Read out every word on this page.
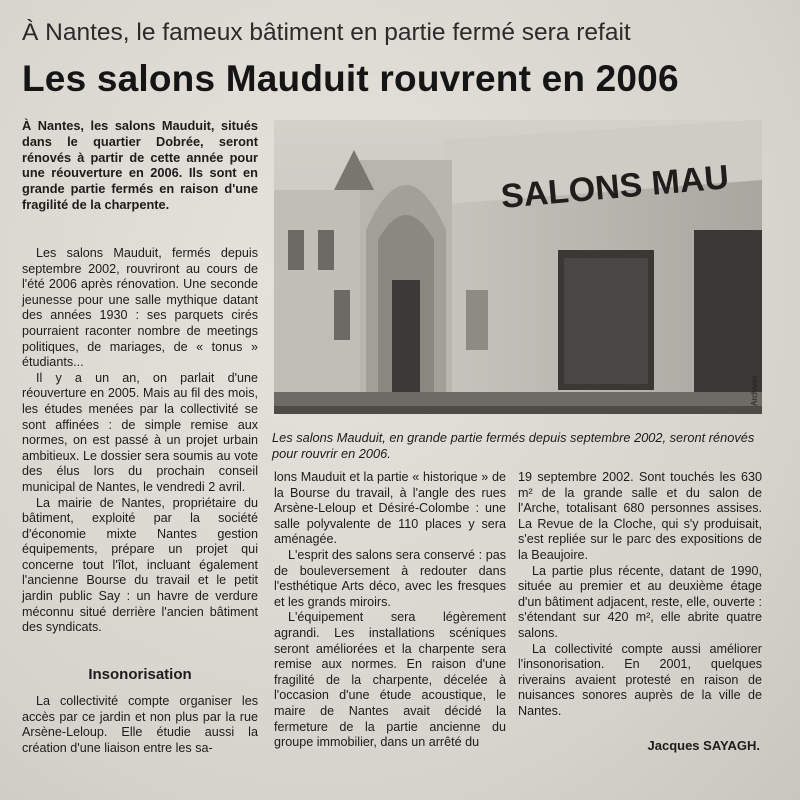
À Nantes, le fameux bâtiment en partie fermé sera refait
Les salons Mauduit rouvrent en 2006
À Nantes, les salons Mauduit, situés dans le quartier Dobrée, seront rénovés à partir de cette année pour une réouverture en 2006. Ils sont en grande partie fermés en raison d'une fragilité de la charpente.

Les salons Mauduit, fermés depuis septembre 2002, rouvriront au cours de l'été 2006 après rénovation. Une seconde jeunesse pour une salle mythique datant des années 1930 : ses parquets cirés pourraient raconter nombre de meetings politiques, de mariages, de « tonus » étudiants...

Il y a un an, on parlait d'une réouverture en 2005. Mais au fil des mois, les études menées par la collectivité se sont affinées : de simple remise aux normes, on est passé à un projet urbain ambitieux. Le dossier sera soumis au vote des élus lors du prochain conseil municipal de Nantes, le vendredi 2 avril.

La mairie de Nantes, propriétaire du bâtiment, exploité par la société d'économie mixte Nantes gestion équipements, prépare un projet qui concerne tout l'îlot, incluant également l'ancienne Bourse du travail et le petit jardin public Say : un havre de verdure méconnu situé derrière l'ancien bâtiment des syndicats.

Insonorisation

La collectivité compte organiser les accès par ce jardin et non plus par la rue Arsène-Leloup. Elle étudie aussi la création d'une liaison entre les sa-

SALONS MAU
Archives
Les salons Mauduit, en grande partie fermés depuis septembre 2002, seront rénovés pour rouvrir en 2006.

lons Mauduit et la partie « historique » de la Bourse du travail, à l'angle des rues Arsène-Leloup et Désiré-Colombe : une salle polyvalente de 110 places y sera aménagée.

L'esprit des salons sera conservé : pas de bouleversement à redouter dans l'esthétique Arts déco, avec les fresques et les grands miroirs.

L'équipement sera légèrement agrandi. Les installations scéniques seront améliorées et la charpente sera remise aux normes. En raison d'une fragilité de la charpente, décelée à l'occasion d'une étude acoustique, le maire de Nantes avait décidé la fermeture de la partie ancienne du groupe immobilier, dans un arrêté du

19 septembre 2002. Sont touchés les 630 m² de la grande salle et du salon de l'Arche, totalisant 680 personnes assises. La Revue de la Cloche, qui s'y produisait, s'est repliée sur le parc des expositions de la Beaujoire.

La partie plus récente, datant de 1990, située au premier et au deuxième étage d'un bâtiment adjacent, reste, elle, ouverte : s'étendant sur 420 m², elle abrite quatre salons.

La collectivité compte aussi améliorer l'insonorisation. En 2001, quelques riverains avaient protesté en raison de nuisances sonores auprès de la ville de Nantes.

Jacques SAYAGH.
